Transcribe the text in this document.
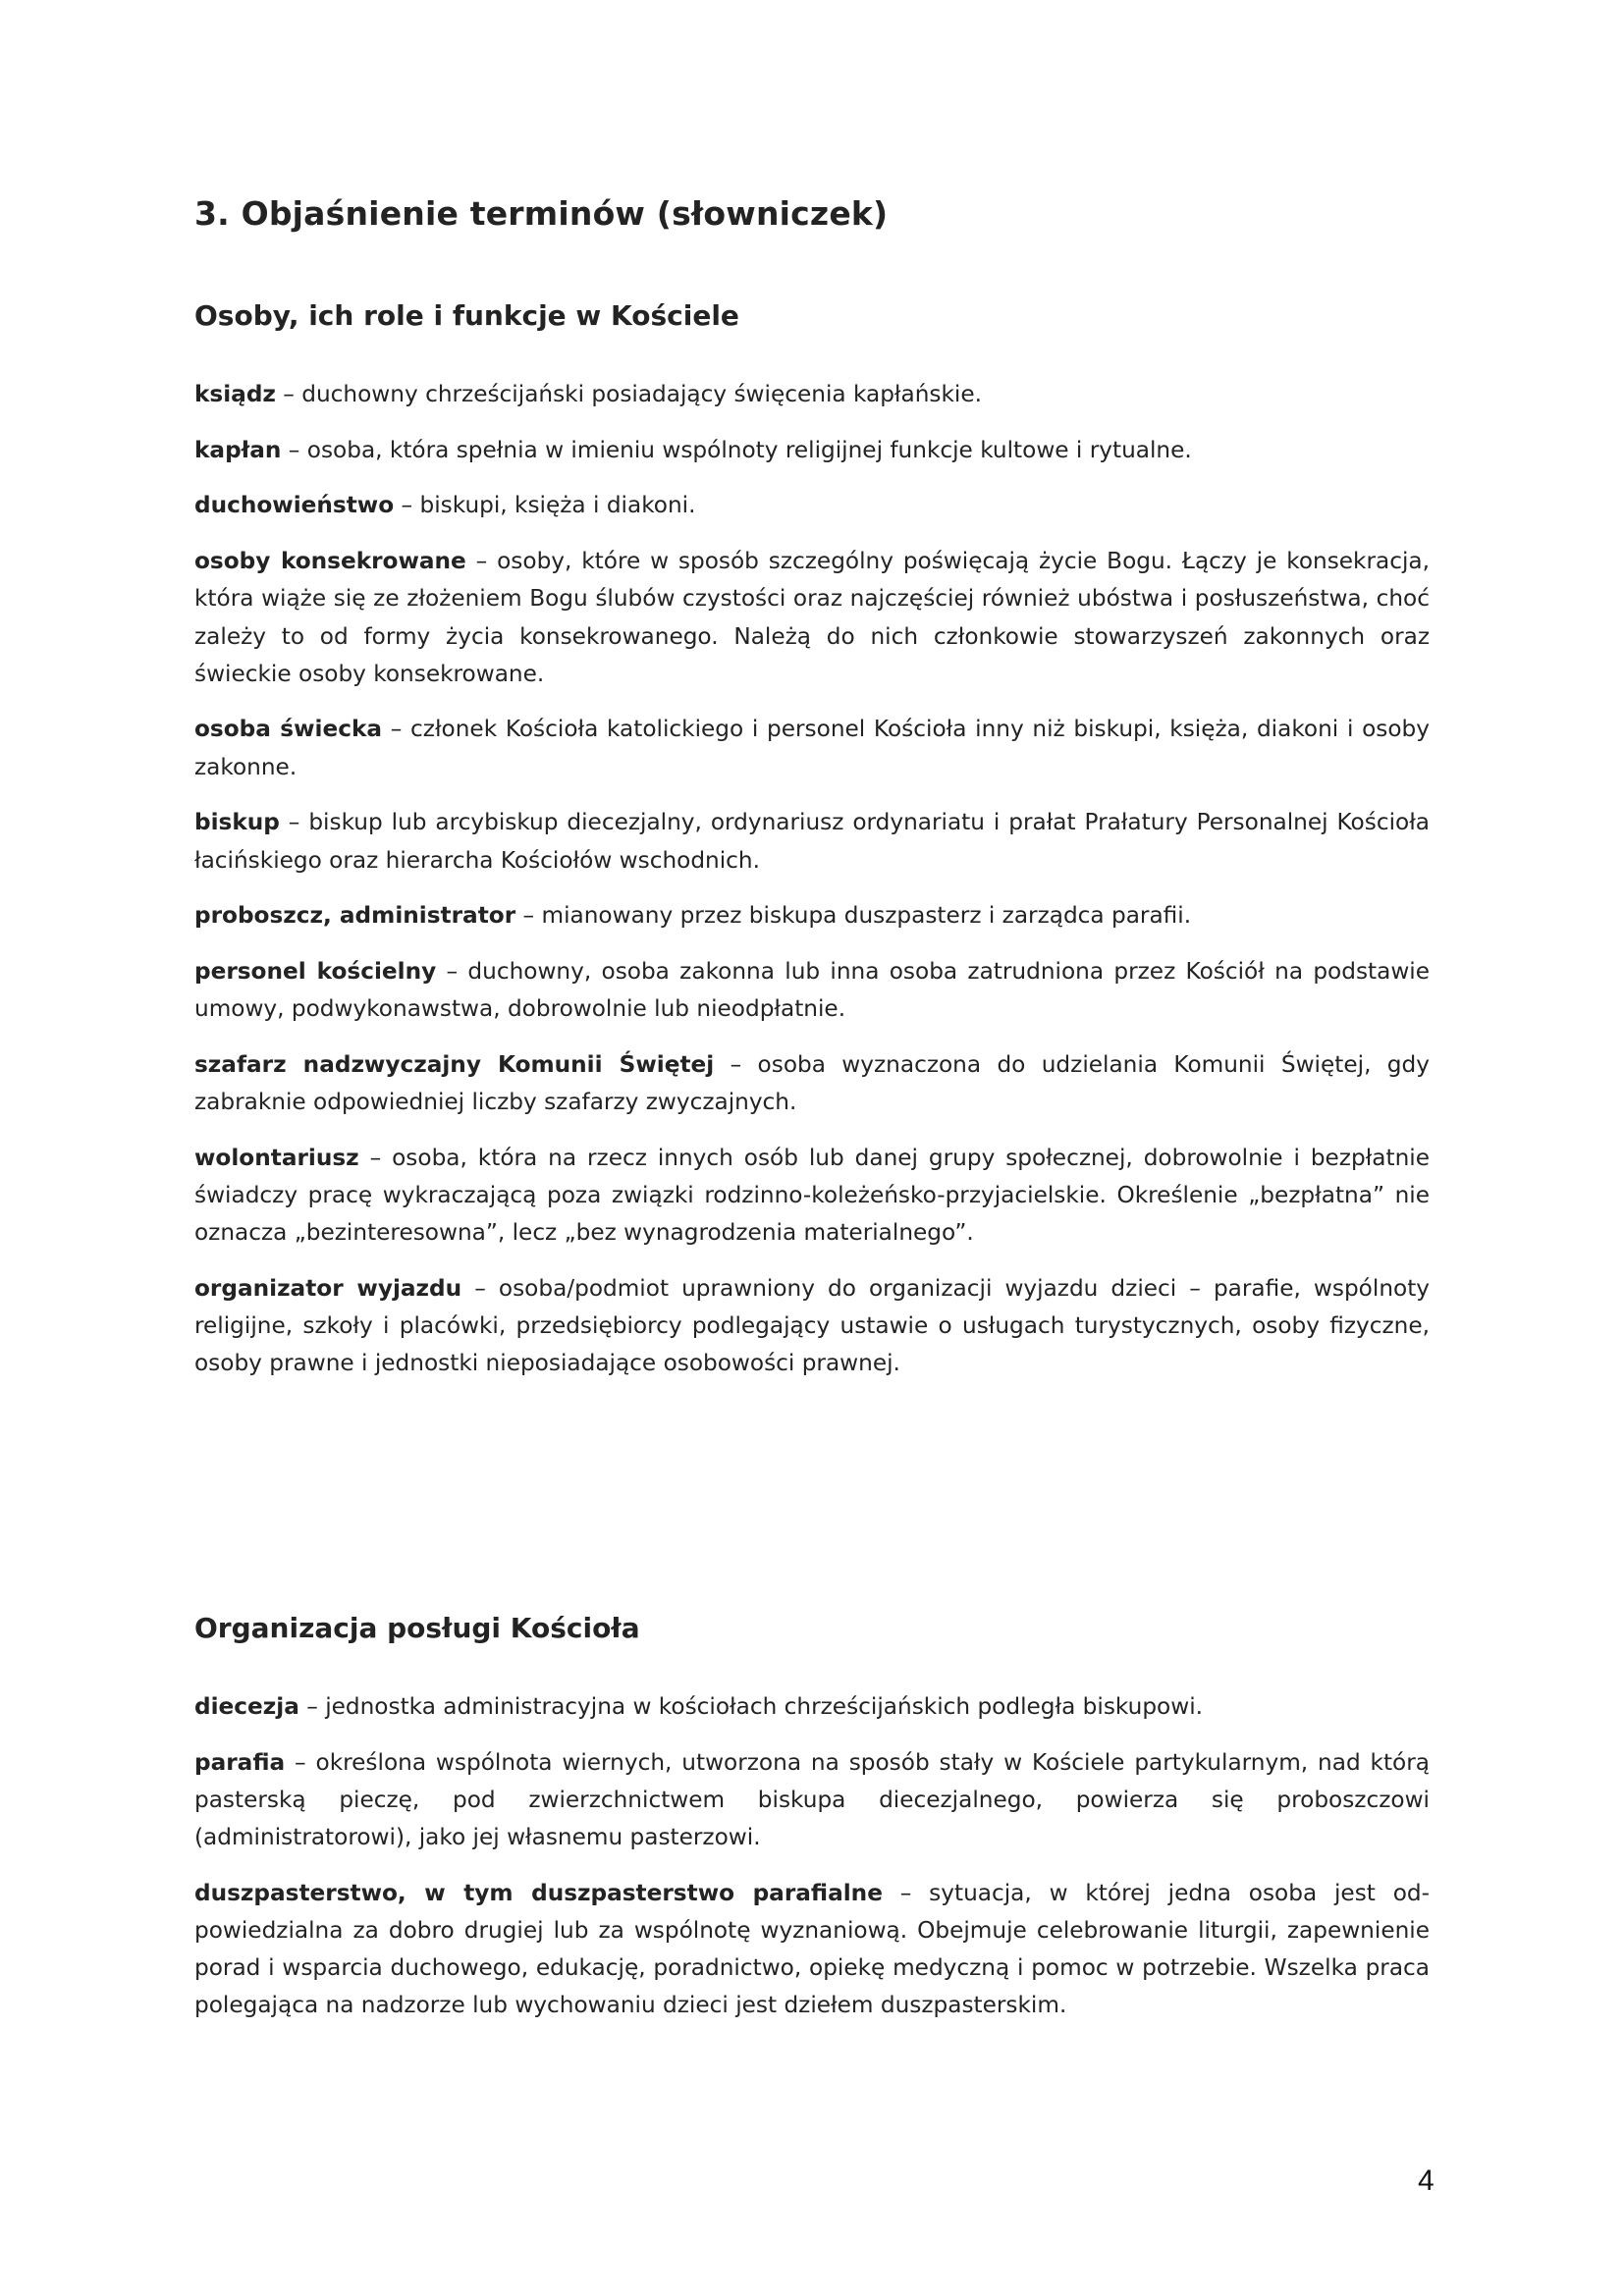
3. Objaśnienie terminów (słowniczek)
Osoby, ich role i funkcje w Kościele

ksiądz – duchowny chrześcijański posiadający święcenia kapłańskie.

kapłan – osoba, która spełnia w imieniu wspólnoty religijnej funkcje kultowe i rytualne.

duchowieństwo – biskupi, księża i diakoni.

osoby konsekrowane – osoby, które w sposób szczególny poświęcają życie Bogu. Łączy je konsekracja, która wiąże się ze złożeniem Bogu ślubów czystości oraz najczęściej również ubóstwa i posłuszeństwa, choć zależy to od formy życia konsekrowanego. Należą do nich członkowie stowarzyszeń zakonnych oraz świeckie osoby konsekrowane.

osoba świecka – członek Kościoła katolickiego i personel Kościoła inny niż biskupi, księża, diakoni i osoby zakonne.

biskup – biskup lub arcybiskup diecezjalny, ordynariusz ordynariatu i prałat Prałatury Personalnej Kościoła łacińskiego oraz hierarcha Kościołów wschodnich.

proboszcz, administrator – mianowany przez biskupa duszpasterz i zarządca parafii.

personel kościelny – duchowny, osoba zakonna lub inna osoba zatrudniona przez Kościół na podstawie umowy, podwykonawstwa, dobrowolnie lub nieodpłatnie.

szafarz nadzwyczajny Komunii Świętej – osoba wyznaczona do udzielania Komunii Świętej, gdy zabraknie odpowiedniej liczby szafarzy zwyczajnych.

wolontariusz – osoba, która na rzecz innych osób lub danej grupy społecznej, dobrowolnie i bezpłatnie świadczy pracę wykraczającą poza związki rodzinno-koleżeńsko-przyjacielskie. Określenie „bezpłatna” nie oznacza „bezinteresowna”, lecz „bez wynagrodzenia materialnego”.

organizator wyjazdu – osoba/podmiot uprawniony do organizacji wyjazdu dzieci – parafie, wspólnoty religijne, szkoły i placówki, przedsiębiorcy podlegający ustawie o usługach turystycznych, osoby fizyczne, osoby prawne i jednostki nieposiadające osobowości prawnej.

Organizacja posługi Kościoła

diecezja – jednostka administracyjna w kościołach chrześcijańskich podległa biskupowi.

parafia – określona wspólnota wiernych, utworzona na sposób stały w Kościele partykularnym, nad którą pasterską pieczę, pod zwierzchnictwem biskupa diecezjalnego, powierza się proboszczowi (administratorowi), jako jej własnemu pasterzowi.

duszpasterstwo, w tym duszpasterstwo parafialne – sytuacja, w której jedna osoba jest odpowiedzialna za dobro drugiej lub za wspólnotę wyznaniową. Obejmuje celebrowanie liturgii, zapewnienie porad i wsparcia duchowego, edukację, poradnictwo, opiekę medyczną i pomoc w potrzebie. Wszelka praca polegająca na nadzorze lub wychowaniu dzieci jest dziełem duszpasterskim.

4
